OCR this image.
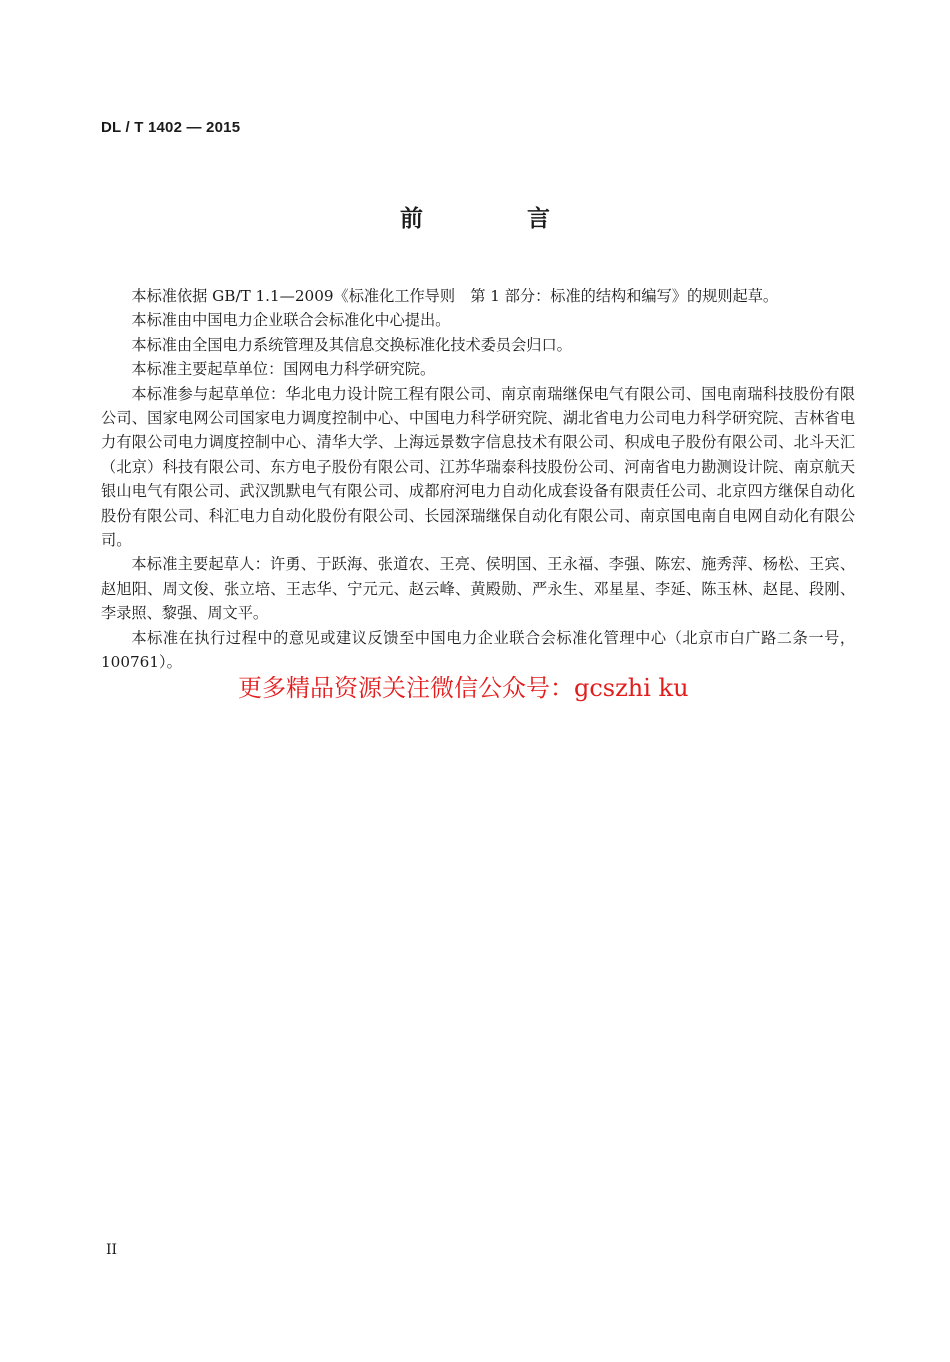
DL / T 1402 — 2015
前 言

本标准依据 GB/T 1.1—2009《标准化工作导则　第 1 部分：标准的结构和编写》的规则起草。

本标准由中国电力企业联合会标准化中心提出。

本标准由全国电力系统管理及其信息交换标准化技术委员会归口。

本标准主要起草单位：国网电力科学研究院。

本标准参与起草单位：华北电力设计院工程有限公司、南京南瑞继保电气有限公司、国电南瑞科技股份有限公司、国家电网公司国家电力调度控制中心、中国电力科学研究院、湖北省电力公司电力科学研究院、吉林省电力有限公司电力调度控制中心、清华大学、上海远景数字信息技术有限公司、积成电子股份有限公司、北斗天汇（北京）科技有限公司、东方电子股份有限公司、江苏华瑞泰科技股份公司、河南省电力勘测设计院、南京航天银山电气有限公司、武汉凯默电气有限公司、成都府河电力自动化成套设备有限责任公司、北京四方继保自动化股份有限公司、科汇电力自动化股份有限公司、长园深瑞继保自动化有限公司、南京国电南自电网自动化有限公司。

本标准主要起草人：许勇、于跃海、张道农、王亮、侯明国、王永福、李强、陈宏、施秀萍、杨松、王宾、赵旭阳、周文俊、张立培、王志华、宁元元、赵云峰、黄殿勋、严永生、邓星星、李延、陈玉林、赵昆、段刚、李录照、黎强、周文平。

本标准在执行过程中的意见或建议反馈至中国电力企业联合会标准化管理中心（北京市白广路二条一号，100761）。

更多精品资源关注微信公众号：gcszhi ku
II
